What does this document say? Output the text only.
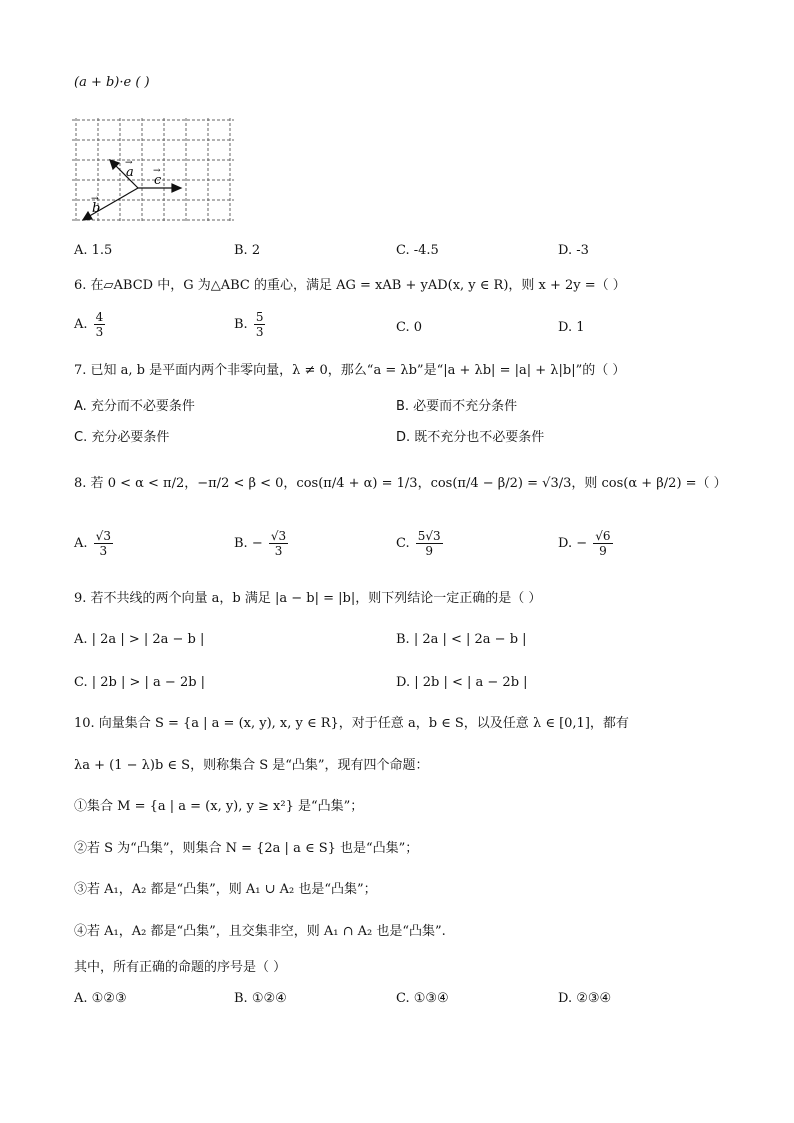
(a + b)·e ( )
a
→
c
→
b
→
A. 1.5	B. 2	C. -4.5	D. -3
6. 在▱ABCD 中，G 为△ABC 的重心，满足 AG = xAB + yAD(x, y ∈ R)，则 x + 2y =（ ）
A. $\frac{4}{3}$	B. $\frac{5}{3}$	C. 0	D. 1
7. 已知 a, b 是平面内两个非零向量，λ ≠ 0，那么“a = λb”是“|a + λb| = |a| + λ|b|”的（ ）
A. 充分而不必要条件	B. 必要而不充分条件
C. 充分必要条件	D. 既不充分也不必要条件
8. 若 0 < α < π/2，−π/2 < β < 0，cos(π/4 + α) = 1/3，cos(π/4 − β/2) = √3/3，则 cos(α + β/2) =（ ）
A. $\frac{√3}{3}$	B. − $\frac{√3}{3}$	C. $\frac{5√3}{9}$	D. − $\frac{√6}{9}$
9. 若不共线的两个向量 a，b 满足 |a − b| = |b|，则下列结论一定正确的是（ ）
A. | 2a | > | 2a − b |	B. | 2a | < | 2a − b |
C. | 2b | > | a − 2b |	D. | 2b | < | a − 2b |
10. 向量集合 S = {a | a = (x, y), x, y ∈ R}，对于任意 a，b ∈ S，以及任意 λ ∈ [0,1]，都有
λa + (1 − λ)b ∈ S，则称集合 S 是“凸集”，现有四个命题：
①集合 M = {a | a = (x, y), y ≥ x²} 是“凸集”；
②若 S 为“凸集”，则集合 N = {2a | a ∈ S} 也是“凸集”；
③若 A₁，A₂ 都是“凸集”，则 A₁ ∪ A₂ 也是“凸集”；
④若 A₁，A₂ 都是“凸集”，且交集非空，则 A₁ ∩ A₂ 也是“凸集”.
其中，所有正确的命题的序号是（ ）
A. ①②③	B. ①②④	C. ①③④	D. ②③④
